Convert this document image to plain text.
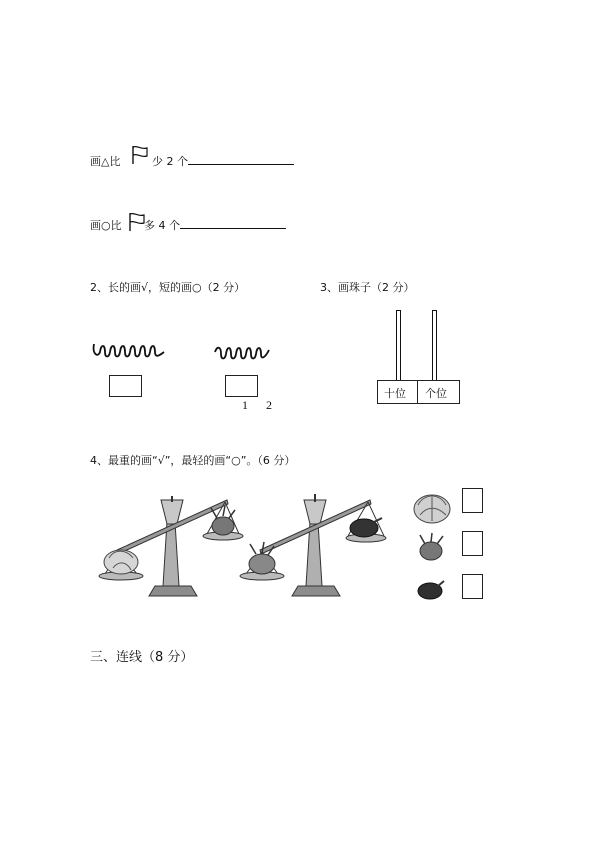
画△比	少 2 个
画○比 多 4 个
2、长的画√，短的画○（2 分）
1 2
3、画珠子（2 分）
十位 个位
4、最重的画“√”，最轻的画“○”。（6 分）
三、连线（8 分）
